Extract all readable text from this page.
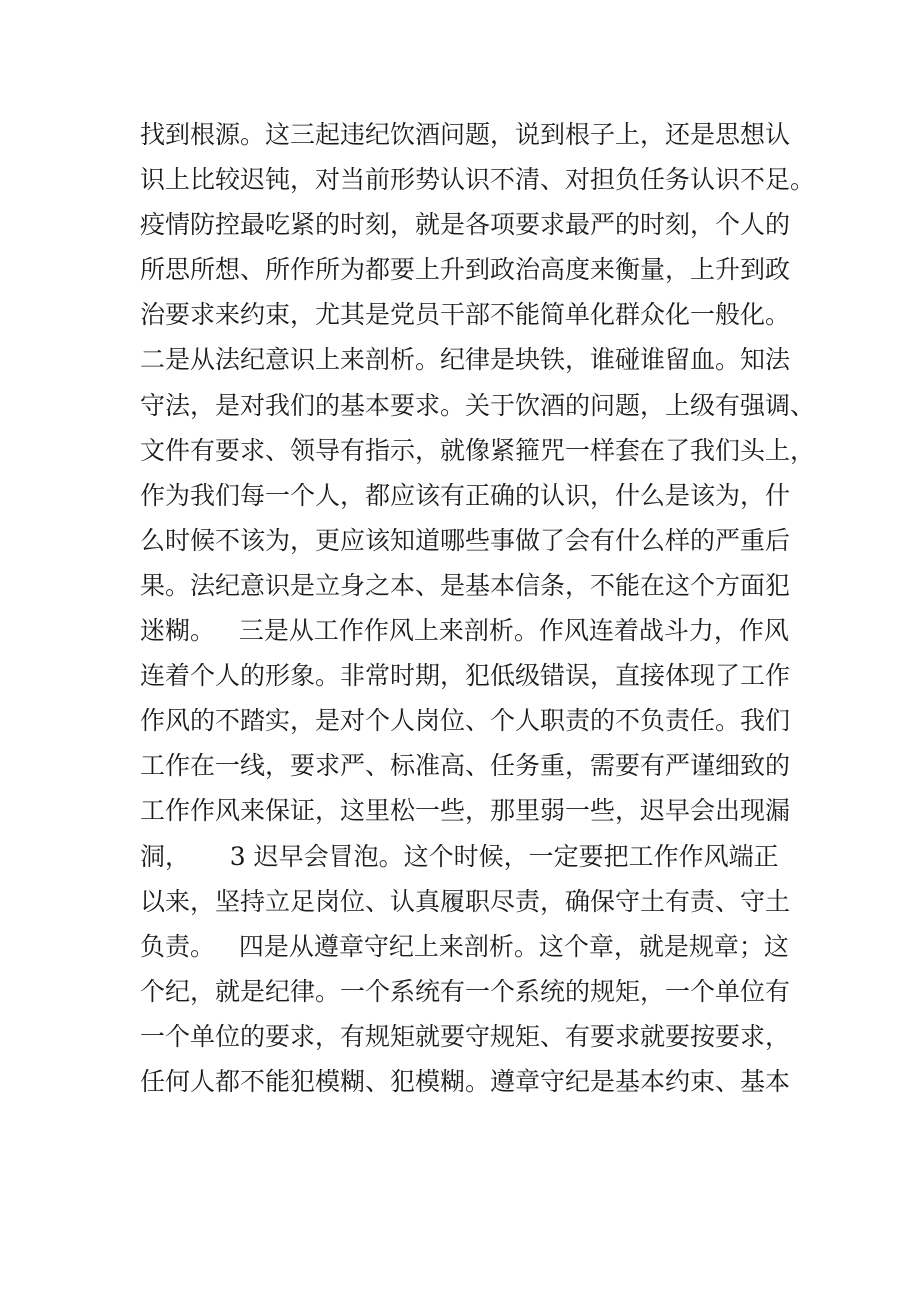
找到根源。这三起违纪饮酒问题，说到根子上，还是思想认
识上比较迟钝，对当前形势认识不清、对担负任务认识不足。
疫情防控最吃紧的时刻，就是各项要求最严的时刻，个人的
所思所想、所作所为都要上升到政治高度来衡量，上升到政
治要求来约束，尤其是党员干部不能简单化群众化一般化。
二是从法纪意识上来剖析。纪律是块铁，谁碰谁留血。知法
守法，是对我们的基本要求。关于饮酒的问题，上级有强调、
文件有要求、领导有指示，就像紧箍咒一样套在了我们头上，
作为我们每一个人，都应该有正确的认识，什么是该为，什
么时候不该为，更应该知道哪些事做了会有什么样的严重后
果。法纪意识是立身之本、是基本信条，不能在这个方面犯
迷糊。   三是从工作作风上来剖析。作风连着战斗力，作风
连着个人的形象。非常时期，犯低级错误，直接体现了工作
作风的不踏实，是对个人岗位、个人职责的不负责任。我们
工作在一线，要求严、标准高、任务重，需要有严谨细致的
工作作风来保证，这里松一些，那里弱一些，迟早会出现漏
洞，     3 迟早会冒泡。这个时候，一定要把工作作风端正
以来，坚持立足岗位、认真履职尽责，确保守土有责、守土
负责。   四是从遵章守纪上来剖析。这个章，就是规章；这
个纪，就是纪律。一个系统有一个系统的规矩，一个单位有
一个单位的要求，有规矩就要守规矩、有要求就要按要求，
任何人都不能犯模糊、犯模糊。遵章守纪是基本约束、基本
